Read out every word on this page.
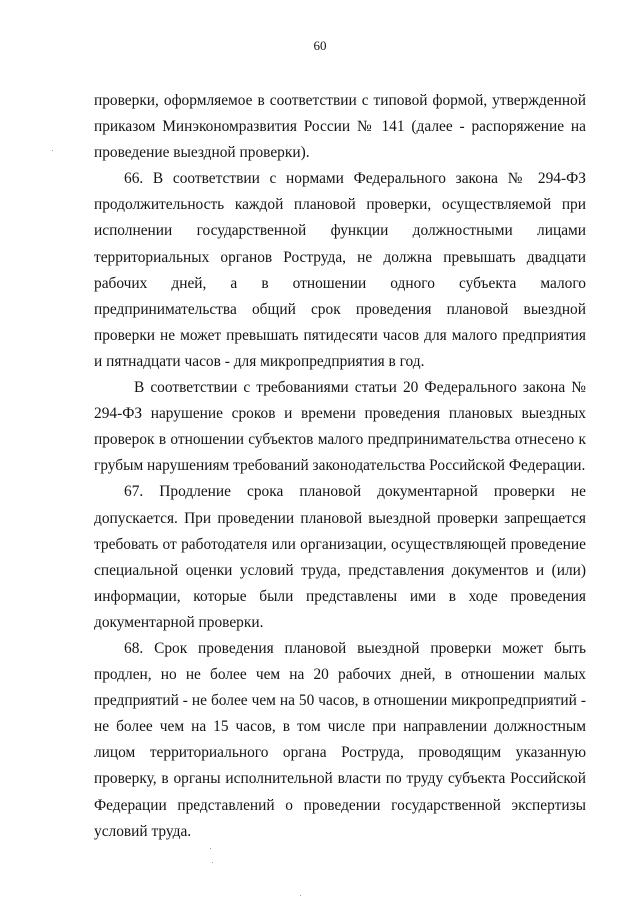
60

проверки, оформляемое в соответствии с типовой формой, утвержденной приказом Минэкономразвития России № 141 (далее - распоряжение на проведение выездной проверки).

66. В соответствии с нормами Федерального закона № 294-ФЗ продолжительность каждой плановой проверки, осуществляемой при исполнении государственной функции должностными лицами территориальных органов Роструда, не должна превышать двадцати рабочих дней, а в отношении одного субъекта малого предпринимательства общий срок проведения плановой выездной проверки не может превышать пятидесяти часов для малого предприятия и пятнадцати часов - для микропредприятия в год.

В соответствии с требованиями статьи 20 Федерального закона № 294-ФЗ нарушение сроков и времени проведения плановых выездных проверок в отношении субъектов малого предпринимательства отнесено к грубым нарушениям требований законодательства Российской Федерации.

67. Продление срока плановой документарной проверки не допускается. При проведении плановой выездной проверки запрещается требовать от работодателя или организации, осуществляющей проведение специальной оценки условий труда, представления документов и (или) информации, которые были представлены ими в ходе проведения документарной проверки.

68. Срок проведения плановой выездной проверки может быть продлен, но не более чем на 20 рабочих дней, в отношении малых предприятий - не более чем на 50 часов, в отношении микропредприятий - не более чем на 15 часов, в том числе при направлении должностным лицом территориального органа Роструда, проводящим указанную проверку, в органы исполнительной власти по труду субъекта Российской Федерации представлений о проведении государственной экспертизы условий труда.
